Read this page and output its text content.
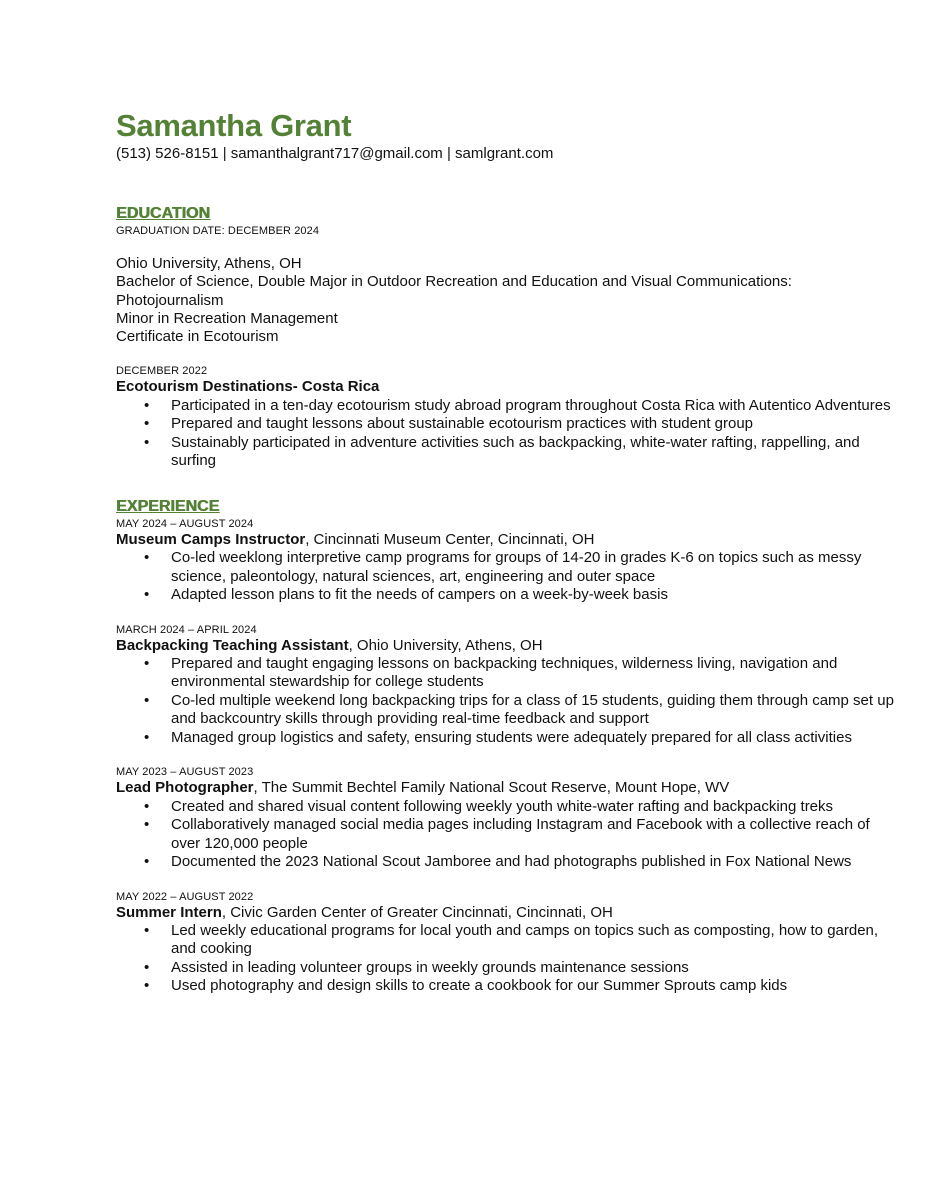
Samantha Grant
(513) 526-8151 | samanthalgrant717@gmail.com | samlgrant.com
EDUCATION
GRADUATION DATE: DECEMBER 2024
Ohio University, Athens, OH
Bachelor of Science, Double Major in Outdoor Recreation and Education and Visual Communications: Photojournalism
Minor in Recreation Management
Certificate in Ecotourism
DECEMBER 2022
Ecotourism Destinations- Costa Rica
• Participated in a ten-day ecotourism study abroad program throughout Costa Rica with Autentico Adventures
• Prepared and taught lessons about sustainable ecotourism practices with student group
• Sustainably participated in adventure activities such as backpacking, white-water rafting, rappelling, and surfing
EXPERIENCE
MAY 2024 – AUGUST 2024
Museum Camps Instructor, Cincinnati Museum Center, Cincinnati, OH
• Co-led weeklong interpretive camp programs for groups of 14-20 in grades K-6 on topics such as messy science, paleontology, natural sciences, art, engineering and outer space
• Adapted lesson plans to fit the needs of campers on a week-by-week basis
MARCH 2024 – APRIL 2024
Backpacking Teaching Assistant, Ohio University, Athens, OH
• Prepared and taught engaging lessons on backpacking techniques, wilderness living, navigation and environmental stewardship for college students
• Co-led multiple weekend long backpacking trips for a class of 15 students, guiding them through camp set up and backcountry skills through providing real-time feedback and support
• Managed group logistics and safety, ensuring students were adequately prepared for all class activities
MAY 2023 – AUGUST 2023
Lead Photographer, The Summit Bechtel Family National Scout Reserve, Mount Hope, WV
• Created and shared visual content following weekly youth white-water rafting and backpacking treks
• Collaboratively managed social media pages including Instagram and Facebook with a collective reach of over 120,000 people
• Documented the 2023 National Scout Jamboree and had photographs published in Fox National News
MAY 2022 – AUGUST 2022
Summer Intern, Civic Garden Center of Greater Cincinnati, Cincinnati, OH
• Led weekly educational programs for local youth and camps on topics such as composting, how to garden, and cooking
• Assisted in leading volunteer groups in weekly grounds maintenance sessions
• Used photography and design skills to create a cookbook for our Summer Sprouts camp kids
